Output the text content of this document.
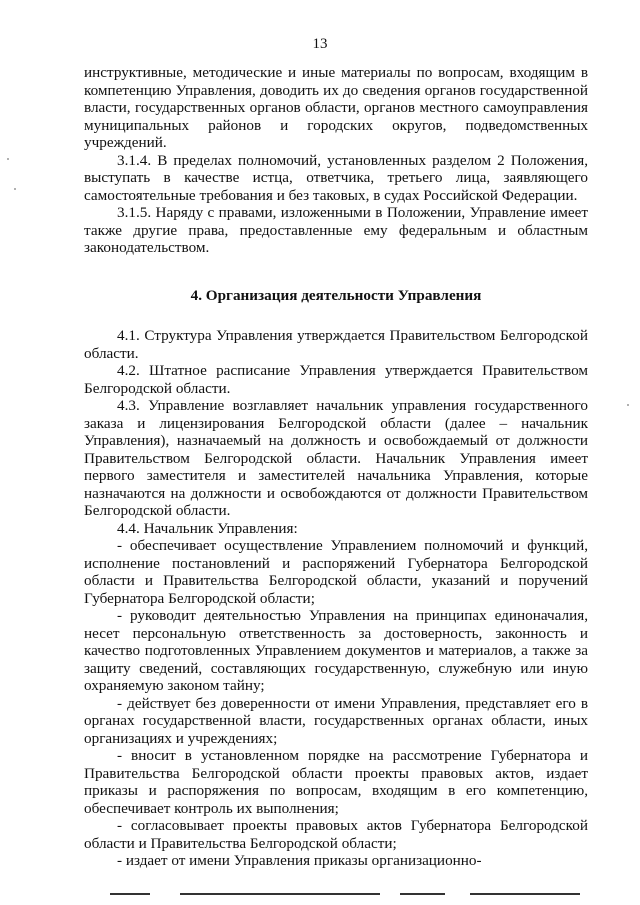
13

инструктивные, методические и иные материалы по вопросам, входящим в компетенцию Управления, доводить их до сведения органов государственной власти, государственных органов области, органов местного самоуправления муниципальных районов и городских округов, подведомственных учреждений.

3.1.4. В пределах полномочий, установленных разделом 2 Положения, выступать в качестве истца, ответчика, третьего лица, заявляющего самостоятельные требования и без таковых, в судах Российской Федерации.

3.1.5. Наряду с правами, изложенными в Положении, Управление имеет также другие права, предоставленные ему федеральным и областным законодательством.

4. Организация деятельности Управления

4.1. Структура Управления утверждается Правительством Белгородской области.

4.2. Штатное расписание Управления утверждается Правительством Белгородской области.

4.3. Управление возглавляет начальник управления государственного заказа и лицензирования Белгородской области (далее – начальник Управления), назначаемый на должность и освобождаемый от должности Правительством Белгородской области. Начальник Управления имеет первого заместителя и заместителей начальника Управления, которые назначаются на должности и освобождаются от должности Правительством Белгородской области.

4.4. Начальник Управления:

- обеспечивает осуществление Управлением полномочий и функций, исполнение постановлений и распоряжений Губернатора Белгородской области и Правительства Белгородской области, указаний и поручений Губернатора Белгородской области;

- руководит деятельностью Управления на принципах единоначалия, несет персональную ответственность за достоверность, законность и качество подготовленных Управлением документов и материалов, а также за защиту сведений, составляющих государственную, служебную или иную охраняемую законом тайну;

- действует без доверенности от имени Управления, представляет его в органах государственной власти, государственных органах области, иных организациях и учреждениях;

- вносит в установленном порядке на рассмотрение Губернатора и Правительства Белгородской области проекты правовых актов, издает приказы и распоряжения по вопросам, входящим в его компетенцию, обеспечивает контроль их выполнения;

- согласовывает проекты правовых актов Губернатора Белгородской области и Правительства Белгородской области;

- издает от имени Управления приказы организационно-
